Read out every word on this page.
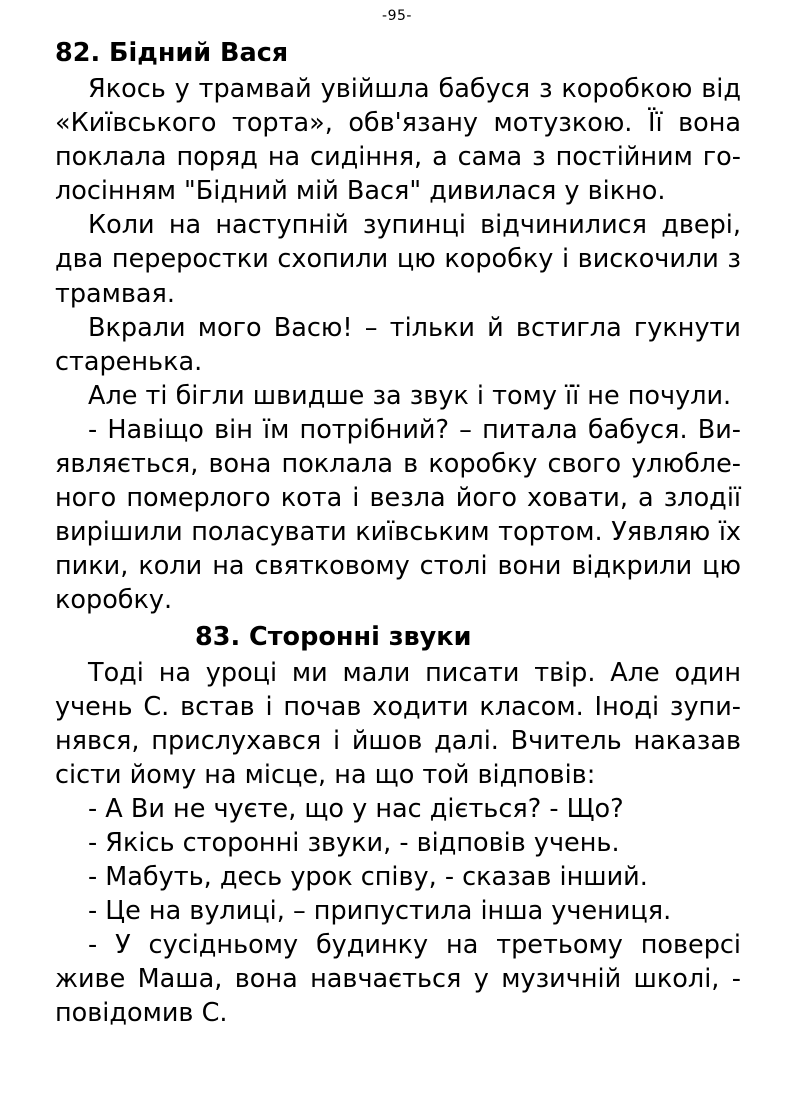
-95-
82. Бідний Вася

Якось у трамвай увійшла бабуся з коробкою від «Київського торта», обв'язану мотузкою. Її вона поклала поряд на сидіння, а сама з постійним голосінням "Бідний мій Вася" дивилася у вікно.

Коли на наступній зупинці відчинилися двері, два переростки схопили цю коробку і вискочили з трамвая.

Вкрали мого Васю! – тільки й встигла гукнути старенька.

Але ті бігли швидше за звук і тому її не почули.

- Навіщо він їм потрібний? – питала бабуся. Виявляється, вона поклала в коробку свого улюбленого померлого кота і везла його ховати, а злодії вирішили поласувати київським тортом. Уявляю їх пики, коли на святковому столі вони відкрили цю коробку.

83. Сторонні звуки

Тоді на уроці ми мали писати твір. Але один учень С. встав і почав ходити класом. Іноді зупинявся, прислухався і йшов далі. Вчитель наказав сісти йому на місце, на що той відповів:

- А Ви не чуєте, що у нас діється? - Що?

- Якісь сторонні звуки, - відповів учень.

- Мабуть, десь урок співу, - сказав інший.

- Це на вулиці, – припустила інша учениця.

- У сусідньому будинку на третьому поверсі живе Маша, вона навчається у музичній школі, - повідомив С.
